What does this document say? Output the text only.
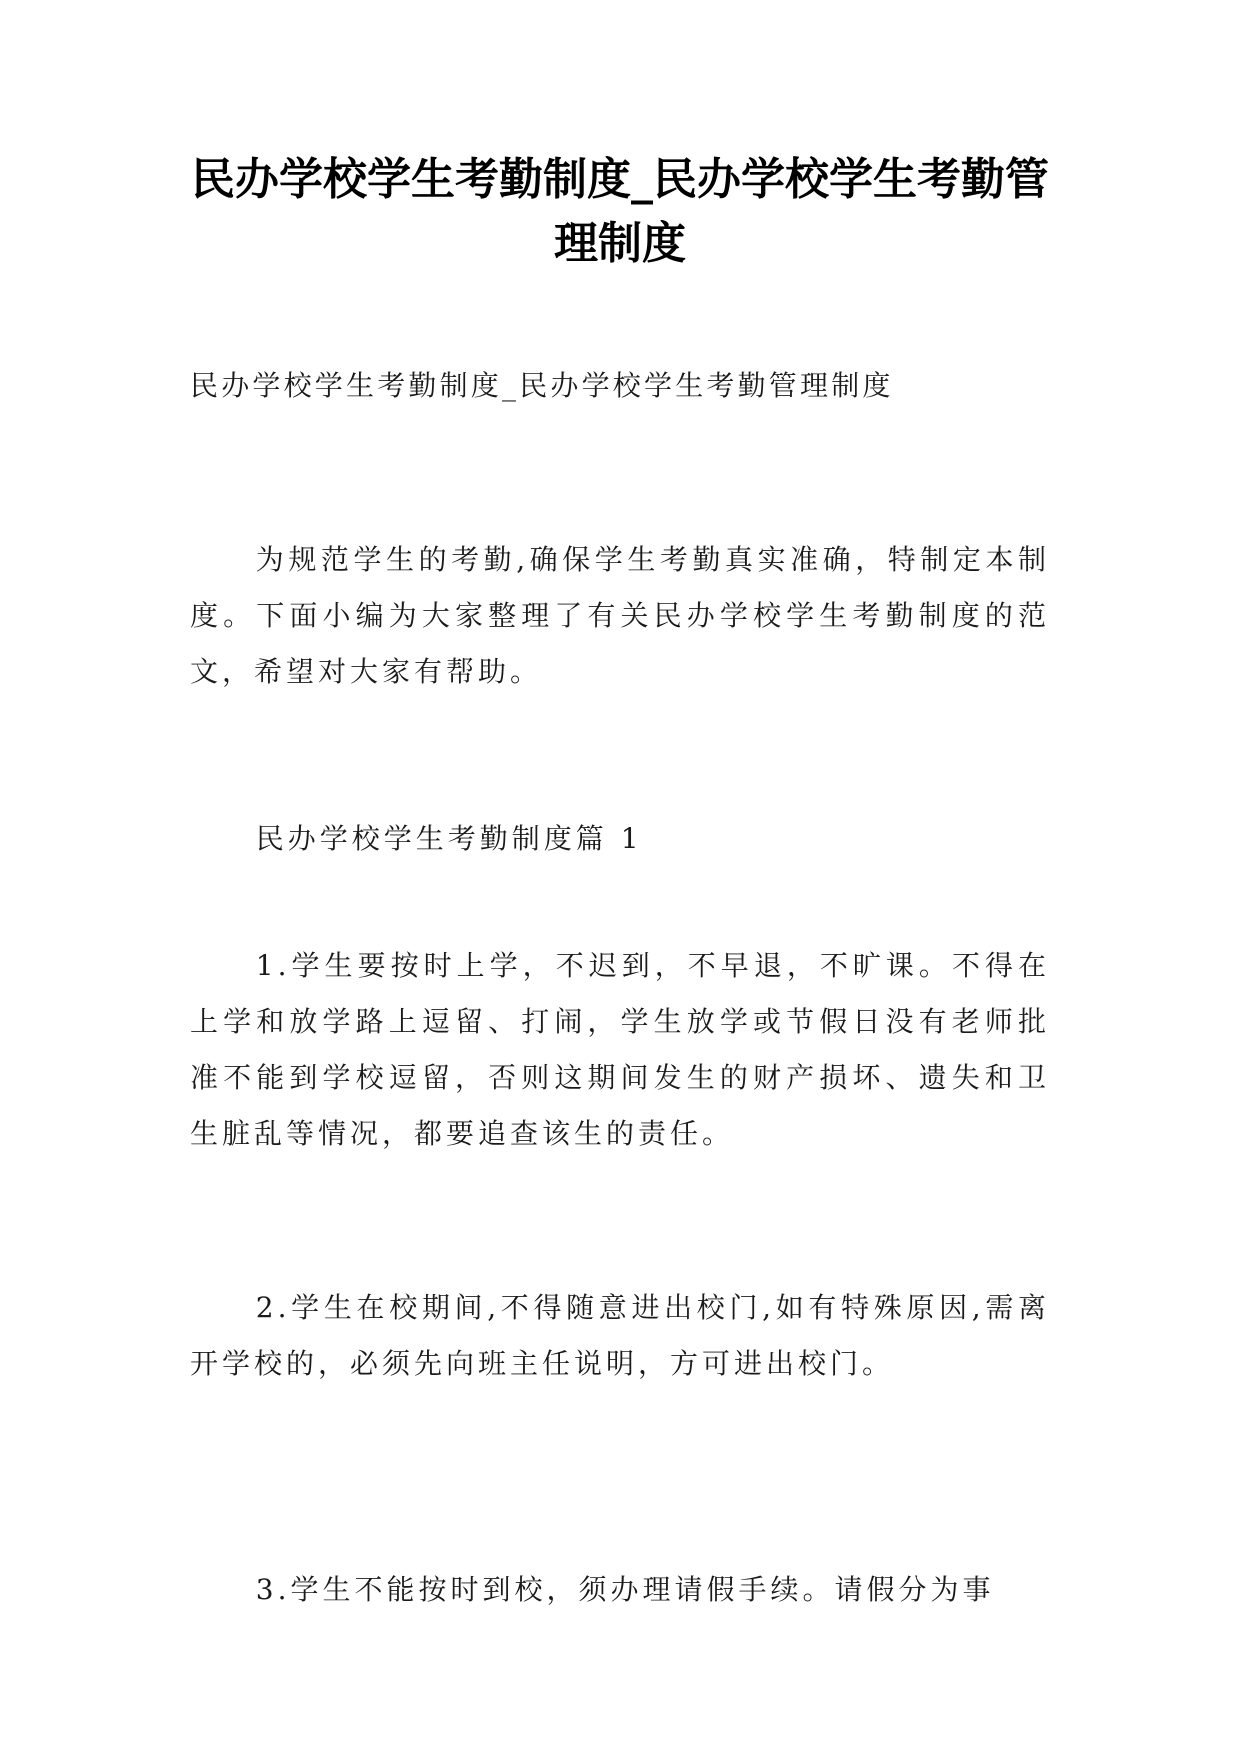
民办学校学生考勤制度_民办学校学生考勤管理制度

民办学校学生考勤制度_民办学校学生考勤管理制度

为规范学生的考勤,确保学生考勤真实准确，特制定本制度。下面小编为大家整理了有关民办学校学生考勤制度的范文，希望对大家有帮助。

民办学校学生考勤制度篇 1

1.学生要按时上学，不迟到，不早退，不旷课。不得在上学和放学路上逗留、打闹，学生放学或节假日没有老师批准不能到学校逗留，否则这期间发生的财产损坏、遗失和卫生脏乱等情况，都要追查该生的责任。

2.学生在校期间,不得随意进出校门,如有特殊原因,需离开学校的，必须先向班主任说明，方可进出校门。

3.学生不能按时到校，须办理请假手续。请假分为事
